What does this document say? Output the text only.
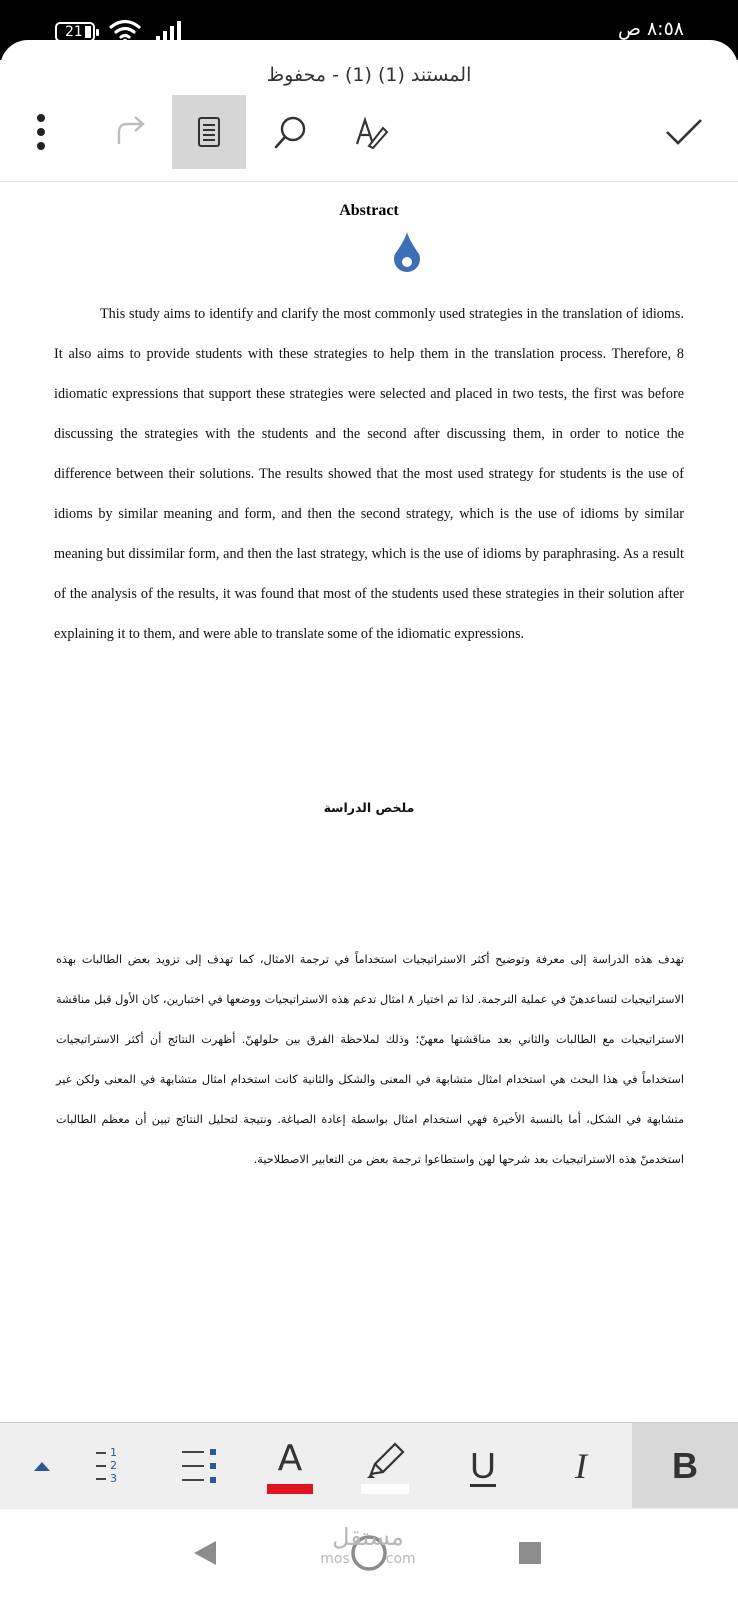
21	٨:٥٨ ص
المستند (1) (1) - محفوظ
Abstract

This study aims to identify and clarify the most commonly used strategies in the translation of idioms. It also aims to provide students with these strategies to help them in the translation process. Therefore, 8 idiomatic expressions that support these strategies were selected and placed in two tests, the first was before discussing the strategies with the students and the second after discussing them, in order to notice the difference between their solutions. The results showed that the most used strategy for students is the use of idioms by similar meaning and form, and then the second strategy, which is the use of idioms by similar meaning but dissimilar form, and then the last strategy, which is the use of idioms by paraphrasing. As a result of the analysis of the results, it was found that most of the students used these strategies in their solution after explaining it to them, and were able to translate some of the idiomatic expressions.

ملخص الدراسة

تهدف هذه الدراسة إلى معرفة وتوضيح أكثر الاستراتيجيات استخداماً في ترجمة الامثال، كما تهدف إلى تزويد بعض الطالبات بهذه الاستراتيجيات لتساعدهنّ في عملية الترجمة. لذا تم اختيار ٨ امثال تدعم هذه الاستراتيجيات ووضعها في اختبارين، كان الأول قبل مناقشة الاستراتيجيات مع الطالبات والثاني بعد مناقشتها معهنّ؛ وذلك لملاحظة الفرق بين حلولهنّ. أظهرت النتائج أن أكثر الاستراتيجيات استخداماً في هذا البحث هي استخدام امثال متشابهة في المعنى والشكل والثانية كانت استخدام امثال متشابهة في المعنى ولكن غير متشابهة في الشكل، أما بالنسبة الأخيرة فهي استخدام امثال بواسطة إعادة الصياغة. ونتيجة لتحليل النتائج تبين أن معظم الطالبات استخدمنّ هذه الاستراتيجيات بعد شرحها لهن واستطاعوا ترجمة بعض من التعابير الاصطلاحية.

1
2
3	A	U I B
مستقل
mos	com
